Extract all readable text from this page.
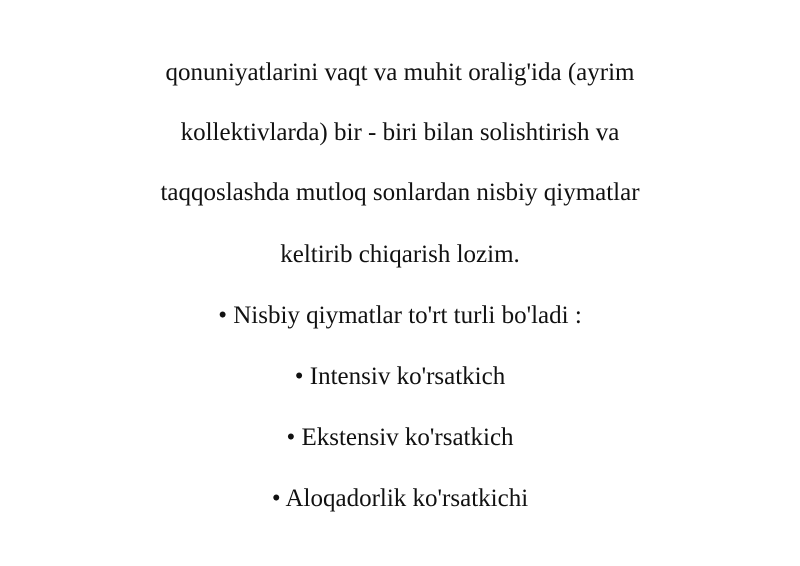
qonuniyatlarini vaqt va muhit oralig'ida (ayrim
kollektivlarda) bir - biri bilan solishtirish va
taqqoslashda mutloq sonlardan nisbiy qiymatlar
keltirib chiqarish lozim.
• Nisbiy qiymatlar to'rt turli bo'ladi :
• Intensiv ko'rsatkich
• Ekstensiv ko'rsatkich
• Aloqadorlik ko'rsatkichi
